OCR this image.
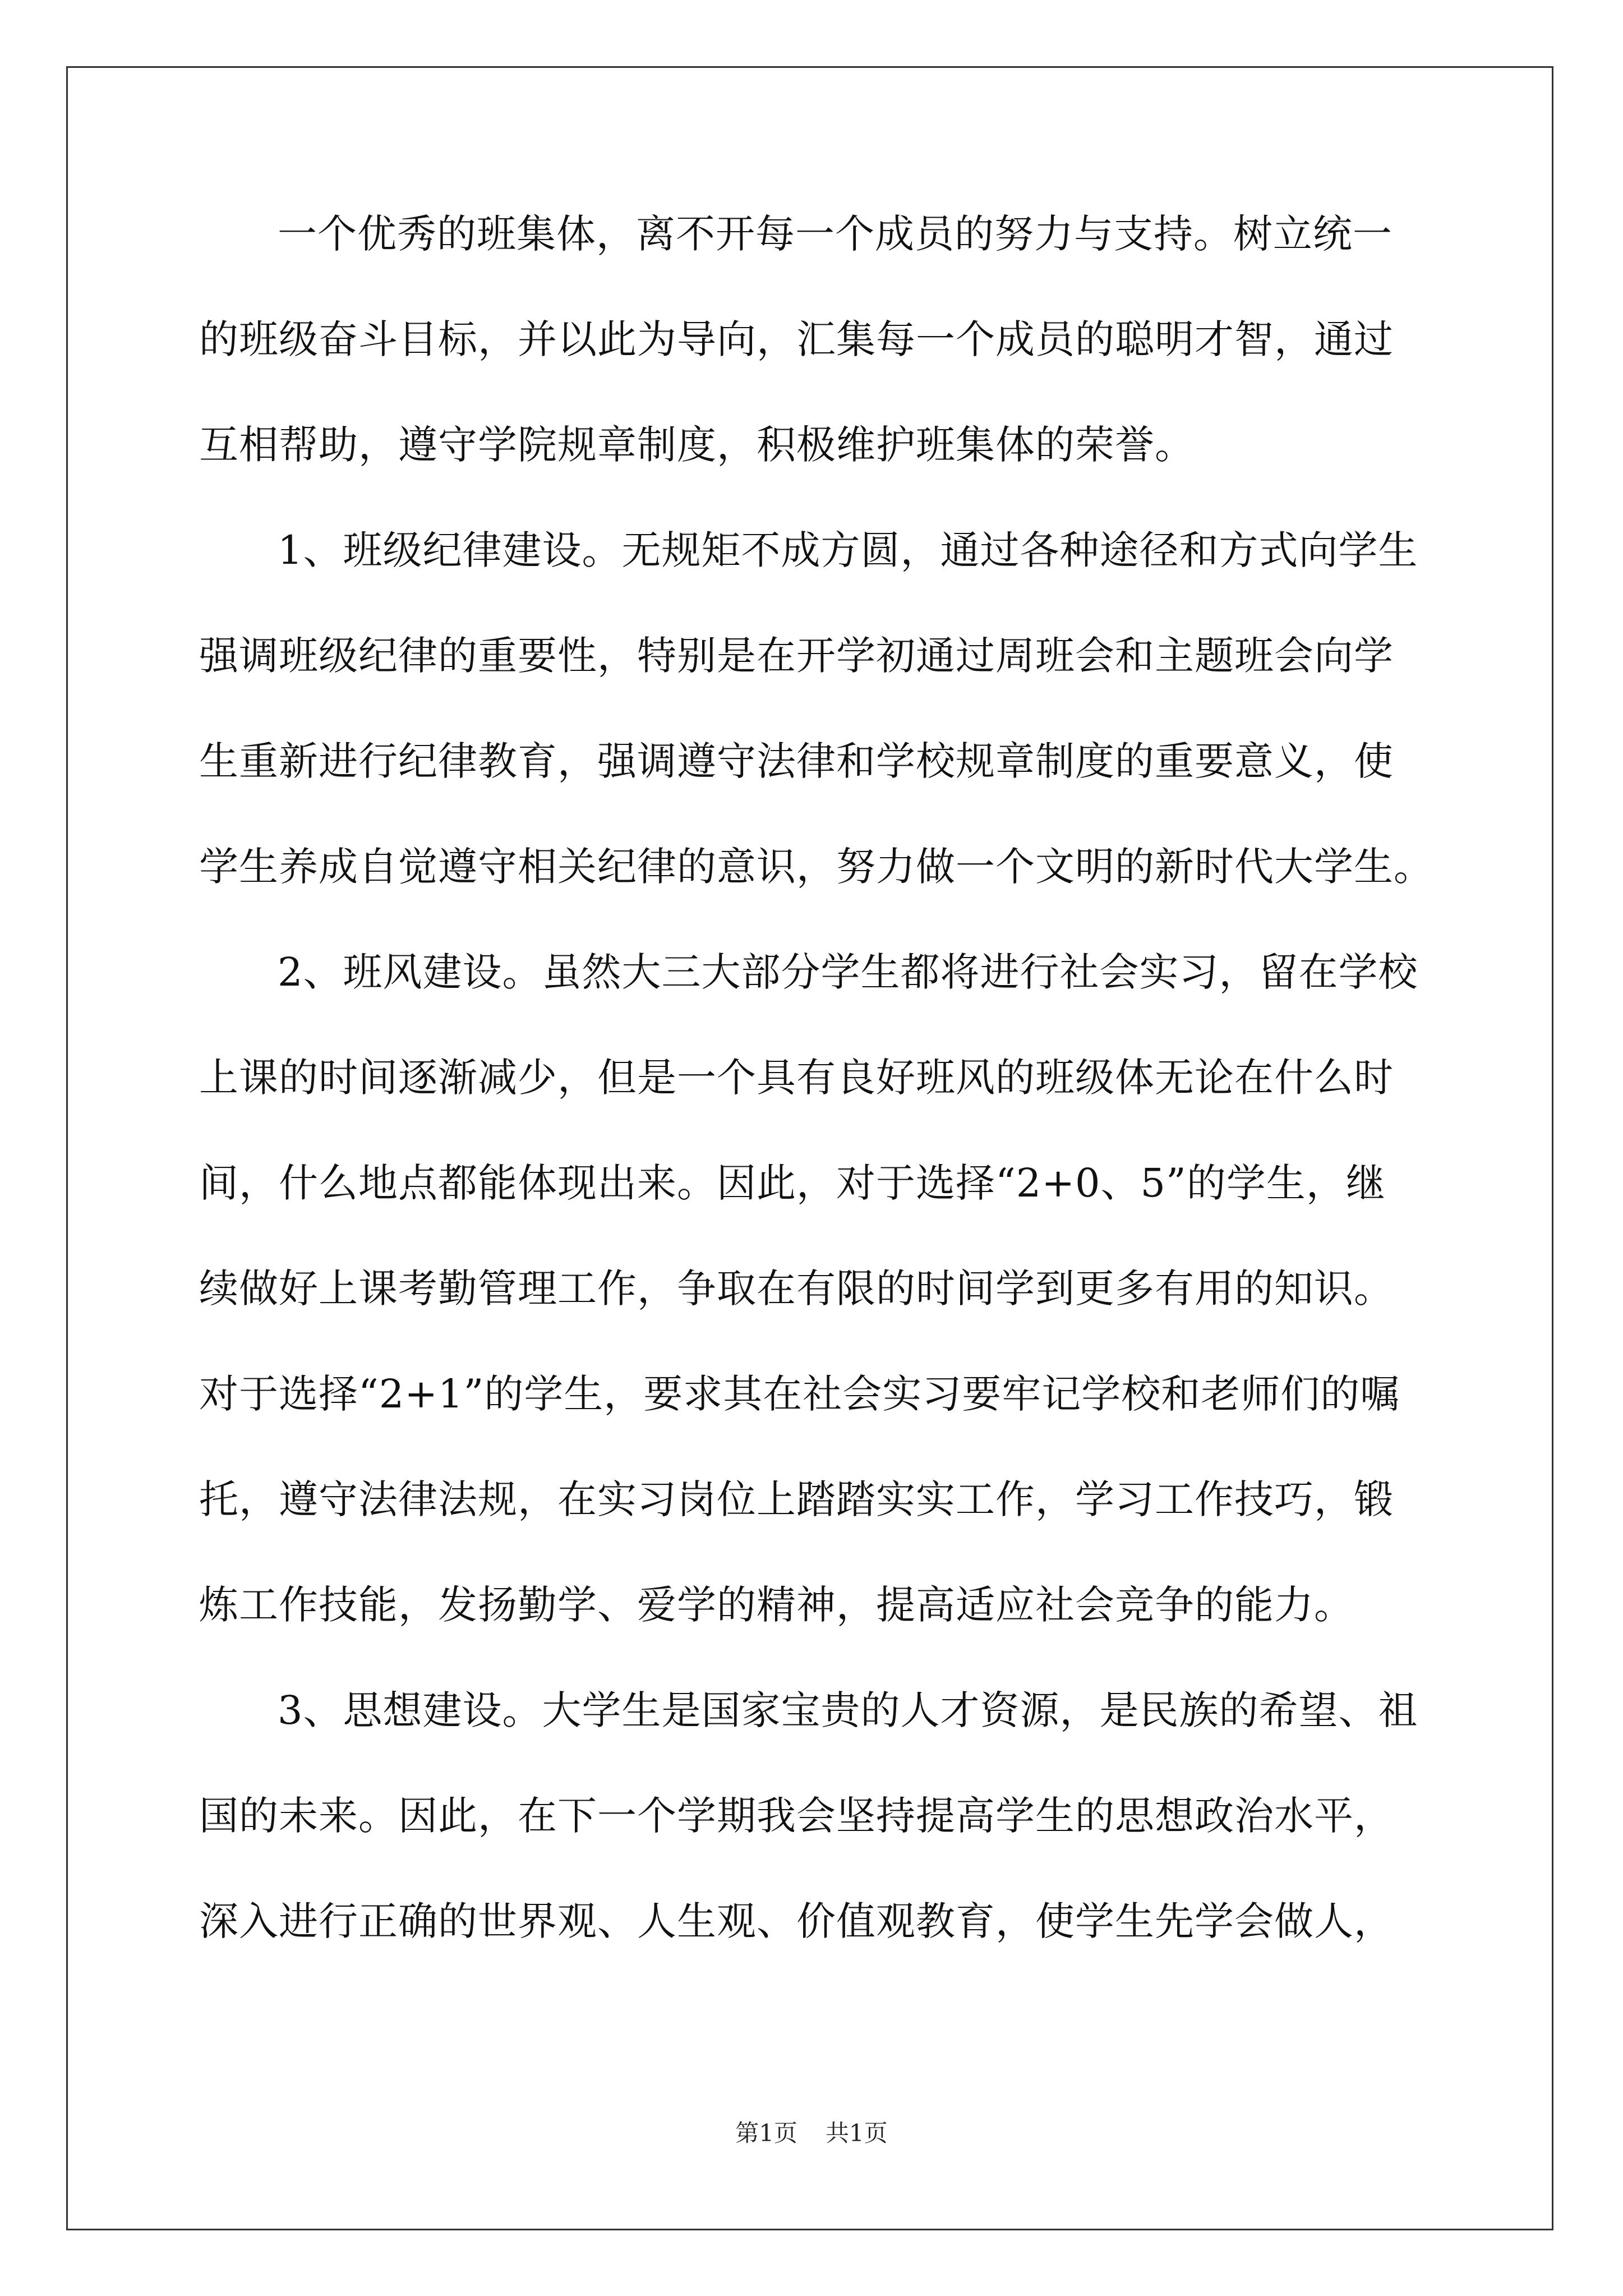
一个优秀的班集体，离不开每一个成员的努力与支持。树立统一
的班级奋斗目标，并以此为导向，汇集每一个成员的聪明才智，通过
互相帮助，遵守学院规章制度，积极维护班集体的荣誉。
1、班级纪律建设。无规矩不成方圆，通过各种途径和方式向学生
强调班级纪律的重要性，特别是在开学初通过周班会和主题班会向学
生重新进行纪律教育，强调遵守法律和学校规章制度的重要意义，使
学生养成自觉遵守相关纪律的意识，努力做一个文明的新时代大学生。
2、班风建设。虽然大三大部分学生都将进行社会实习，留在学校
上课的时间逐渐减少，但是一个具有良好班风的班级体无论在什么时
间，什么地点都能体现出来。因此，对于选择“2+0、5”的学生，继
续做好上课考勤管理工作，争取在有限的时间学到更多有用的知识。
对于选择“2+1”的学生，要求其在社会实习要牢记学校和老师们的嘱
托，遵守法律法规，在实习岗位上踏踏实实工作，学习工作技巧，锻
炼工作技能，发扬勤学、爱学的精神，提高适应社会竞争的能力。
3、思想建设。大学生是国家宝贵的人才资源，是民族的希望、祖
国的未来。因此，在下一个学期我会坚持提高学生的思想政治水平，
深入进行正确的世界观、人生观、价值观教育，使学生先学会做人，
第1页 共1页
